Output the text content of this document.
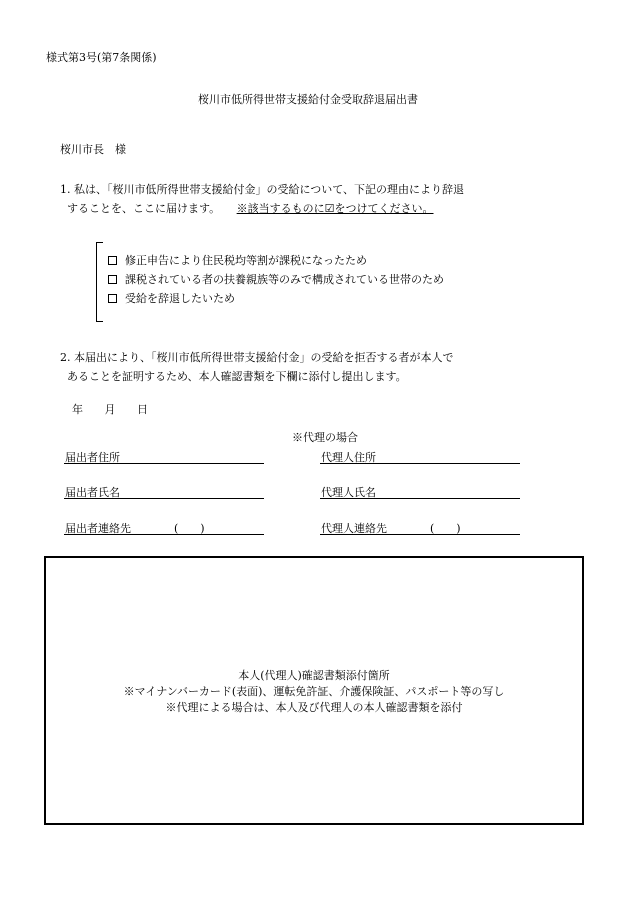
様式第3号(第7条関係)
桜川市低所得世帯支援給付金受取辞退届出書
桜川市長　様
1. 私は、「桜川市低所得世帯支援給付金」の受給について、下記の理由により辞退
することを、ここに届けます。　　※該当するものに☑をつけてください。
修正申告により住民税均等割が課税になったため
課税されている者の扶養親族等のみで構成されている世帯のため
受給を辞退したいため
2. 本届出により、「桜川市低所得世帯支援給付金」の受給を拒否する者が本人で
あることを証明するため、本人確認書類を下欄に添付し提出します。
年 月 日
※代理の場合
届出者住所
届出者氏名
届出者連絡先	(　　)
代理人住所
代理人氏名
代理人連絡先	(　　)
本人(代理人)確認書類添付箇所
※マイナンバーカード(表面)、運転免許証、介護保険証、パスポート等の写し
※代理による場合は、本人及び代理人の本人確認書類を添付
